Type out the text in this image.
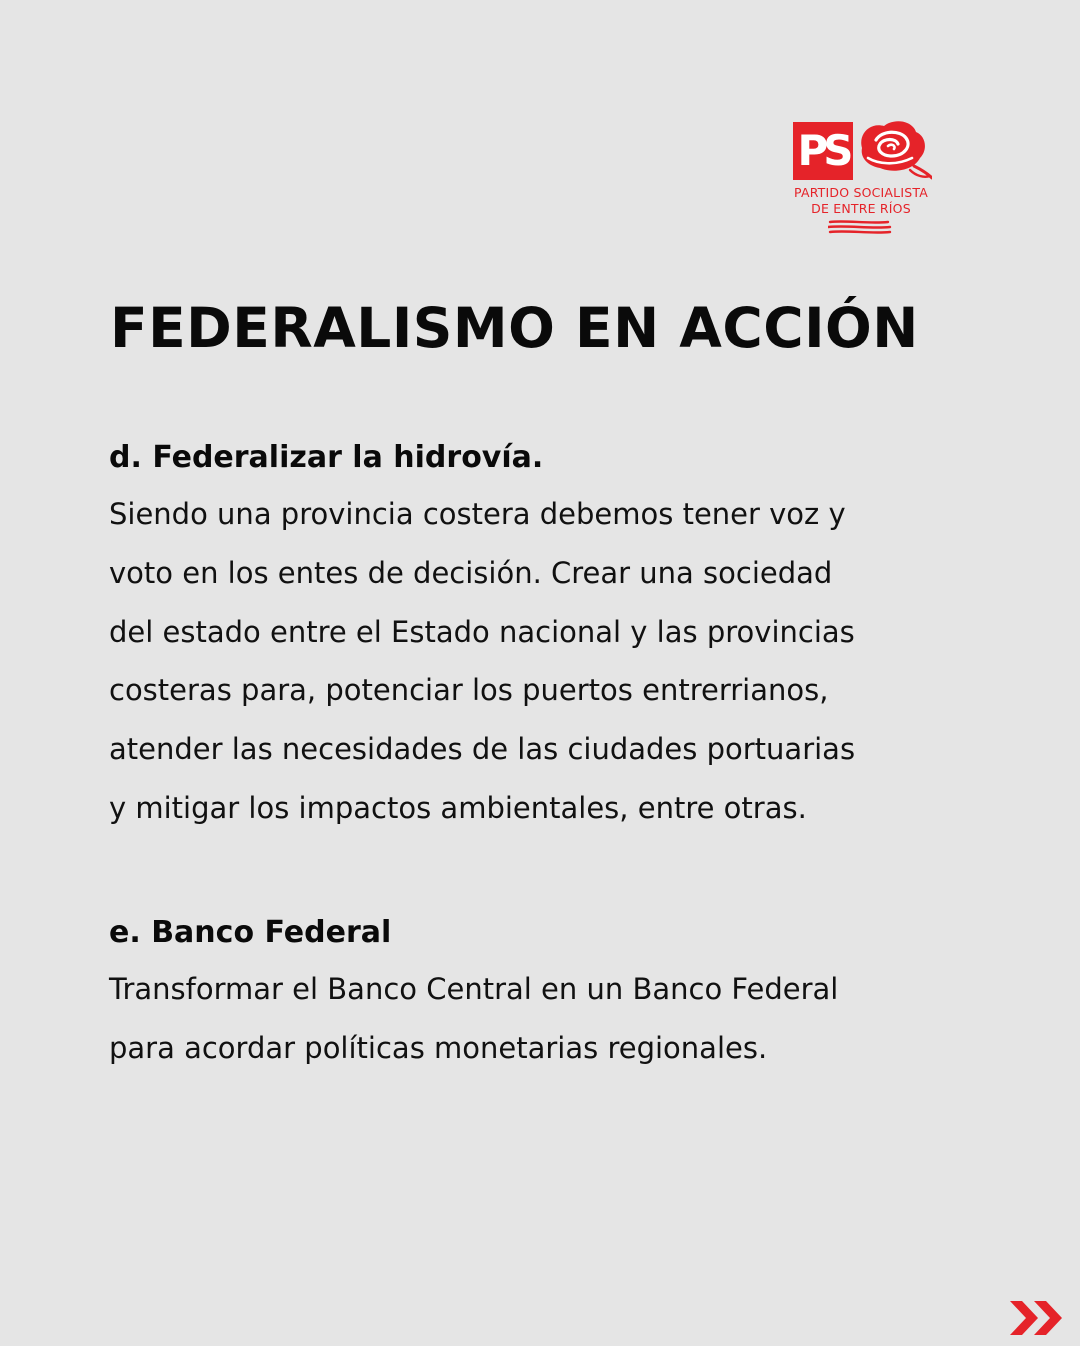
PS
PARTIDO SOCIALISTA
DE ENTRE RÍOS
FEDERALISMO EN ACCIÓN
d. Federalizar la hidrovía.

Siendo una provincia costera debemos tener voz y
voto en los entes de decisión. Crear una sociedad
del estado entre el Estado nacional y las provincias
costeras para, potenciar los puertos entrerrianos,
atender las necesidades de las ciudades portuarias
y mitigar los impactos ambientales, entre otras.

e. Banco Federal

Transformar el Banco Central en un Banco Federal
para acordar políticas monetarias regionales.
